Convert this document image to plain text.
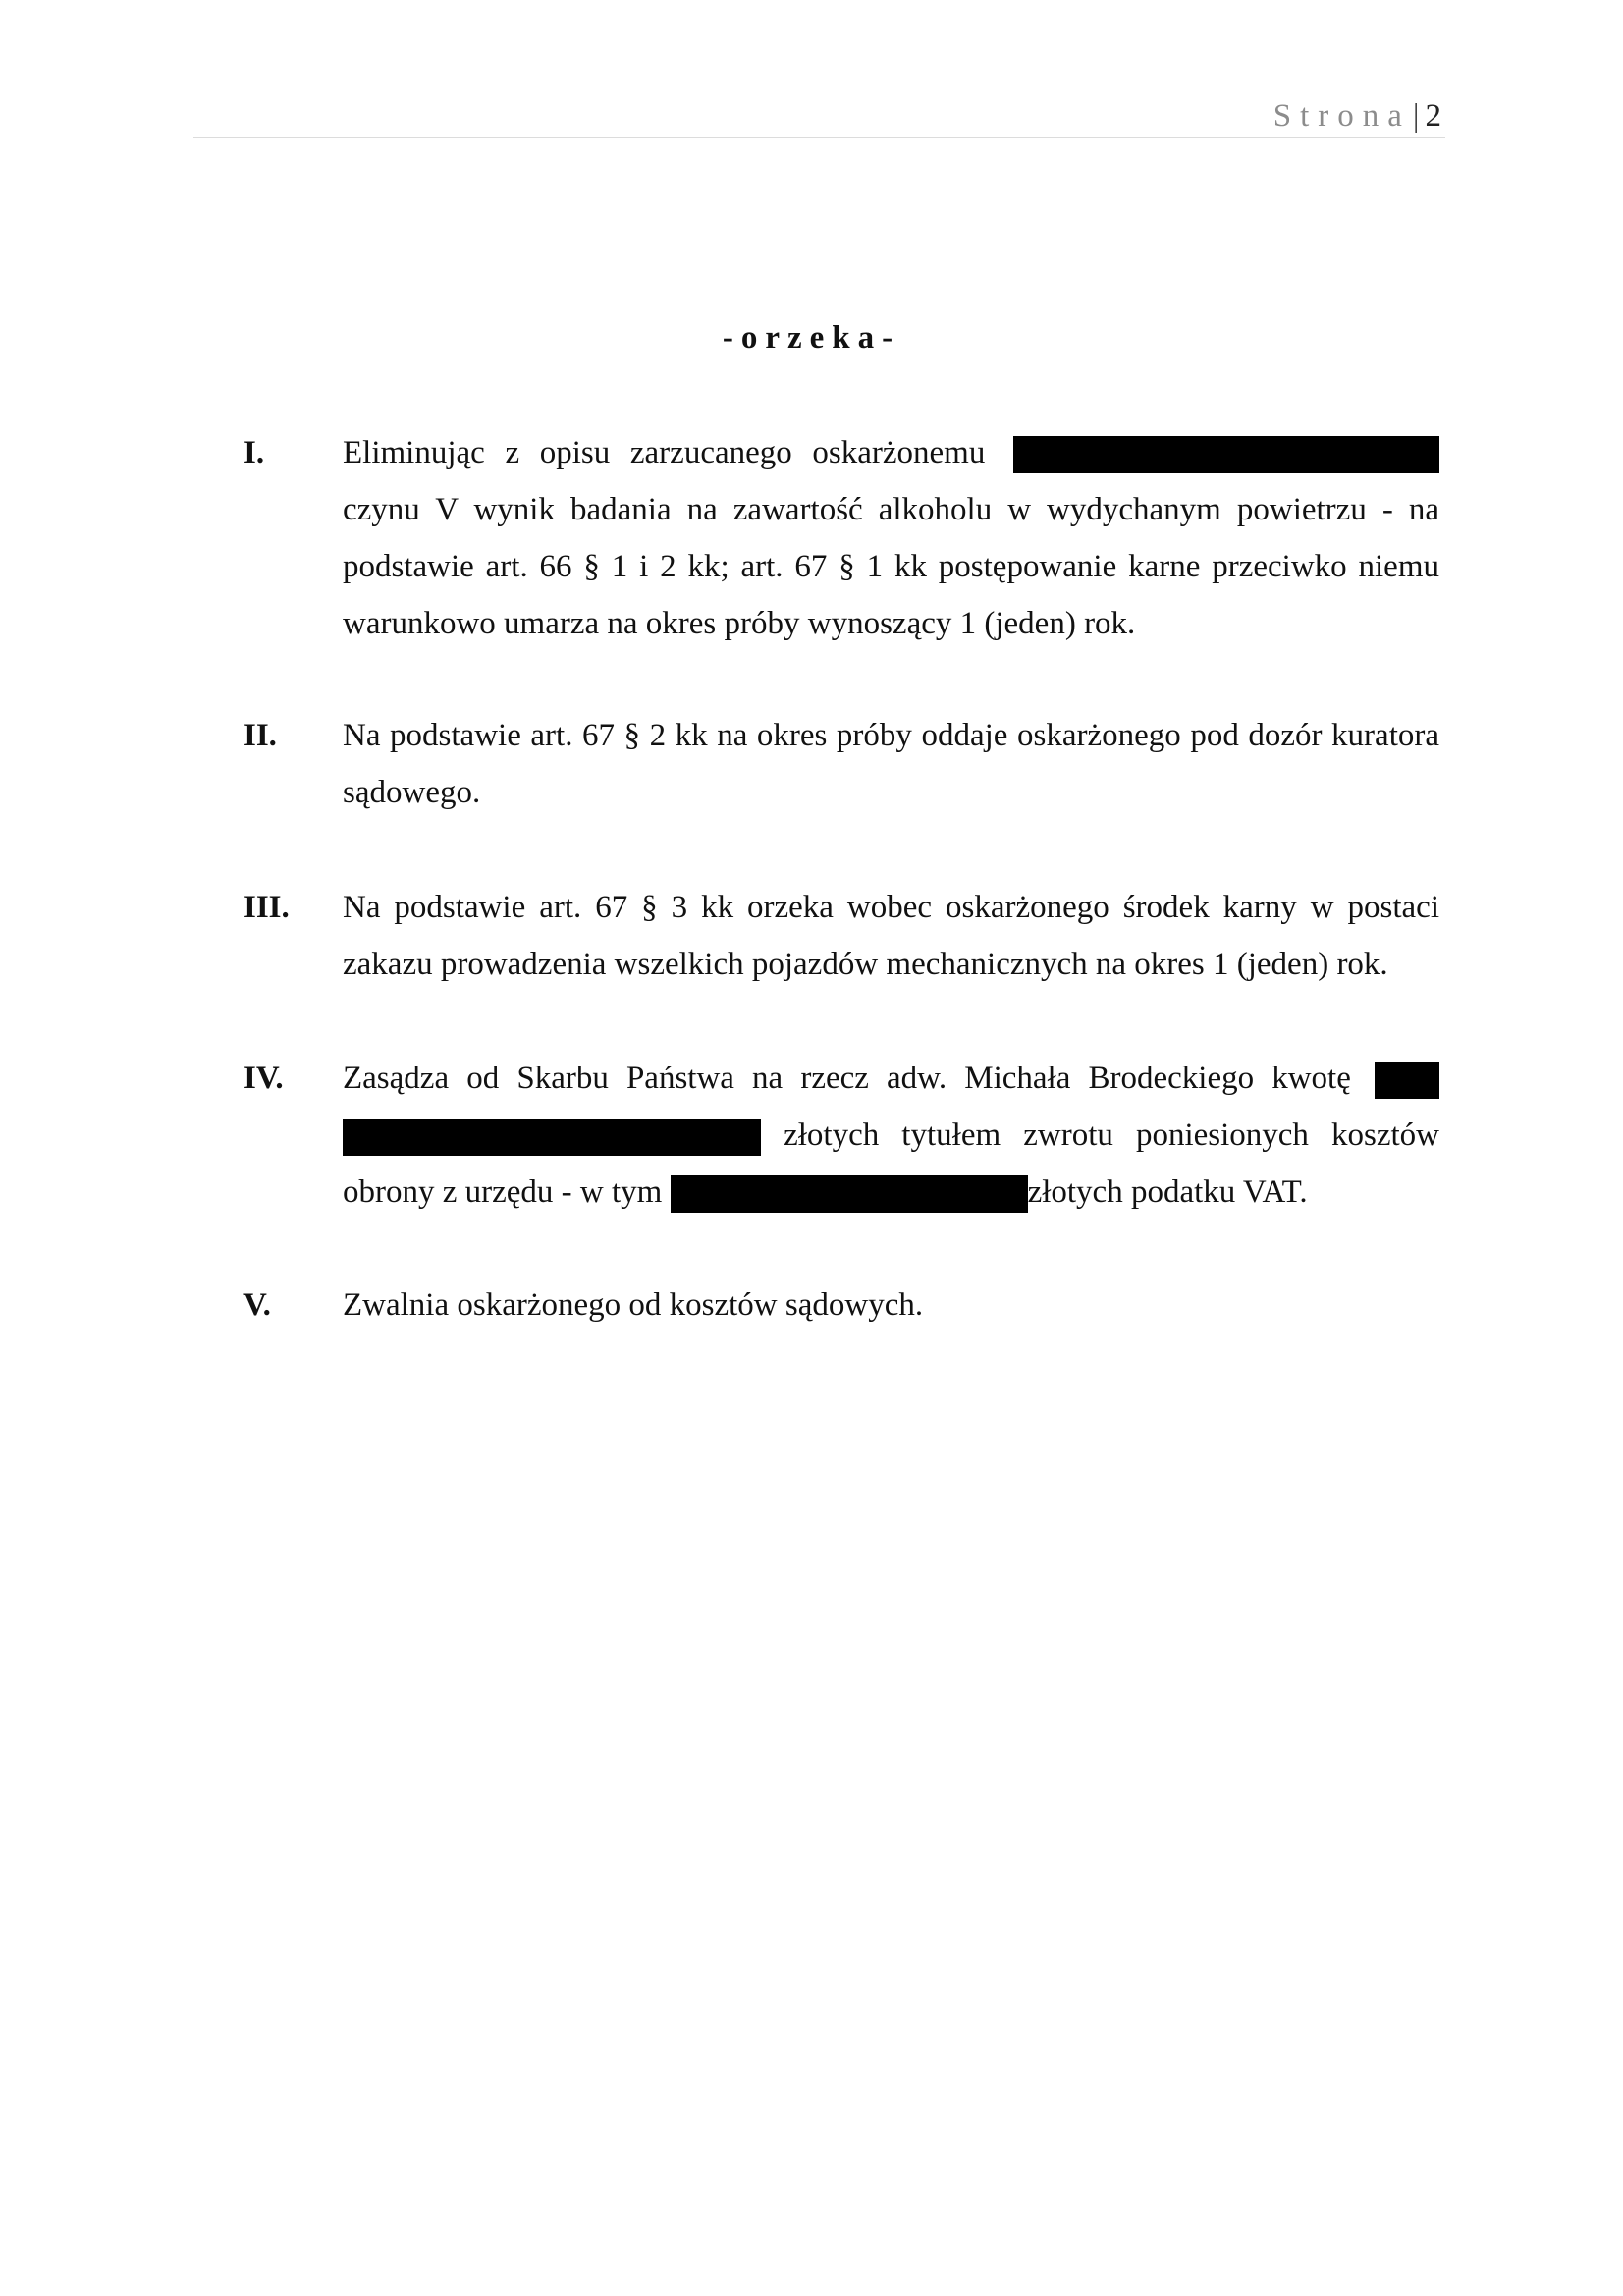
Strona| 2
-orzeka-
I. Eliminując z opisu zarzucanego oskarżonemu  czynu V wynik badania na zawartość alkoholu w wydychanym powietrzu - na podstawie art. 66 § 1 i 2 kk; art. 67 § 1 kk postępowanie karne przeciwko niemu warunkowo umarza na okres próby wynoszący 1 (jeden) rok.
II. Na podstawie art. 67 § 2 kk na okres próby oddaje oskarżonego pod dozór kuratora sądowego.
III. Na podstawie art. 67 § 3 kk orzeka wobec oskarżonego środek karny w postaci zakazu prowadzenia wszelkich pojazdów mechanicznych na okres 1 (jeden) rok.
IV. Zasądza od Skarbu Państwa na rzecz adw. Michała Brodeckiego kwotę   złotych tytułem zwrotu poniesionych kosztów obrony z urzędu - w tym	złotych podatku VAT.
V. Zwalnia oskarżonego od kosztów sądowych.
